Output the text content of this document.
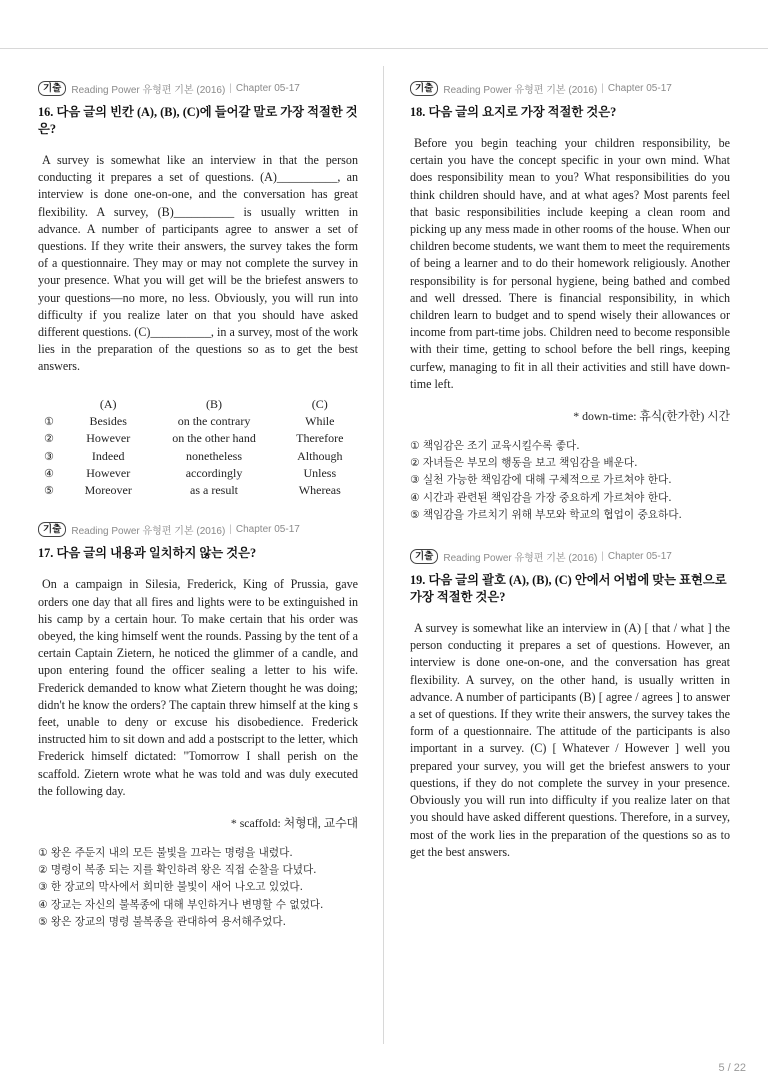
기출	Reading Power 유형편 기본 (2016) | Chapter 05-17
16. 다음 글의 빈칸 (A), (B), (C)에 들어갈 말로 가장 적절한 것은?

A survey is somewhat like an interview in that the person conducting it prepares a set of questions. (A)__________, an interview is done one-on-one, and the conversation has great flexibility. A survey, (B)__________ is usually written in advance. A number of participants agree to answer a set of questions. If they write their answers, the survey takes the form of a questionnaire. They may or may not complete the survey in your presence. What you will get will be the briefest answers to your questions—no more, no less. Obviously, you will run into difficulty if you realize later on that you should have asked different questions. (C)__________, in a survey, most of the work lies in the preparation of the questions so as to get the best answers.

	(A)	(B)	(C)
①	Besides	on the contrary	While
②	However	on the other hand	Therefore
③	Indeed	nonetheless	Although
④	However	accordingly	Unless
⑤	Moreover	as a result	Whereas
기출	Reading Power 유형편 기본 (2016) | Chapter 05-17
17. 다음 글의 내용과 일치하지 않는 것은?

On a campaign in Silesia, Frederick, King of Prussia, gave orders one day that all fires and lights were to be extinguished in his camp by a certain hour. To make certain that his order was obeyed, the king himself went the rounds. Passing by the tent of a certain Captain Zietern, he noticed the glimmer of a candle, and upon entering found the officer sealing a letter to his wife. Frederick demanded to know what Zietern thought he was doing; didn't he know the orders? The captain threw himself at the king s feet, unable to deny or excuse his disobedience. Frederick instructed him to sit down and add a postscript to the letter, which Frederick himself dictated: "Tomorrow I shall perish on the scaffold. Zietern wrote what he was told and was duly executed the following day.

* scaffold: 처형대, 교수대
① 왕은 주둔지 내의 모든 불빛을 끄라는 명령을 내렸다.
② 명령이 복종 되는 지를 확인하려 왕은 직접 순찰을 다녔다.
③ 한 장교의 막사에서 희미한 불빛이 새어 나오고 있었다.
④ 장교는 자신의 불복종에 대해 부인하거나 변명할 수 없었다.
⑤ 왕은 장교의 명령 불복종을 관대하여 용서해주었다.
기출	Reading Power 유형편 기본 (2016) | Chapter 05-17
18. 다음 글의 요지로 가장 적절한 것은?

Before you begin teaching your children responsibility, be certain you have the concept specific in your own mind. What does responsibility mean to you? What responsibilities do you think children should have, and at what ages? Most parents feel that basic responsibilities include keeping a clean room and picking up any mess made in other rooms of the house. When our children become students, we want them to meet the requirements of being a learner and to do their homework religiously. Another responsibility is for personal hygiene, being bathed and combed and well dressed. There is financial responsibility, in which children learn to budget and to spend wisely their allowances or income from part-time jobs. Children need to become responsible with their time, getting to school before the bell rings, keeping curfew, managing to fit in all their activities and still have down-time left.

* down-time: 휴식(한가한) 시간
① 책임감은 조기 교육시킬수록 좋다.
② 자녀들은 부모의 행동을 보고 책임감을 배운다.
③ 실천 가능한 책임감에 대해 구체적으로 가르쳐야 한다.
④ 시간과 관련된 책임감을 가장 중요하게 가르쳐야 한다.
⑤ 책임감을 가르치기 위해 부모와 학교의 협업이 중요하다.
기출	Reading Power 유형편 기본 (2016) | Chapter 05-17
19. 다음 글의 괄호 (A), (B), (C) 안에서 어법에 맞는 표현으로 가장 적절한 것은?

A survey is somewhat like an interview in (A) [ that / what ] the person conducting it prepares a set of questions. However, an interview is done one-on-one, and the conversation has great flexibility. A survey, on the other hand, is usually written in advance. A number of participants (B) [ agree / agrees ] to answer a set of questions. If they write their answers, the survey takes the form of a questionnaire. The attitude of the participants is also important in a survey. (C) [ Whatever / However ] well you prepared your survey, you will get the briefest answers to your questions, if they do not complete the survey in your presence. Obviously you will run into difficulty if you realize later on that you should have asked different questions. Therefore, in a survey, most of the work lies in the preparation of the questions so as to get the best answers.

5 / 22
